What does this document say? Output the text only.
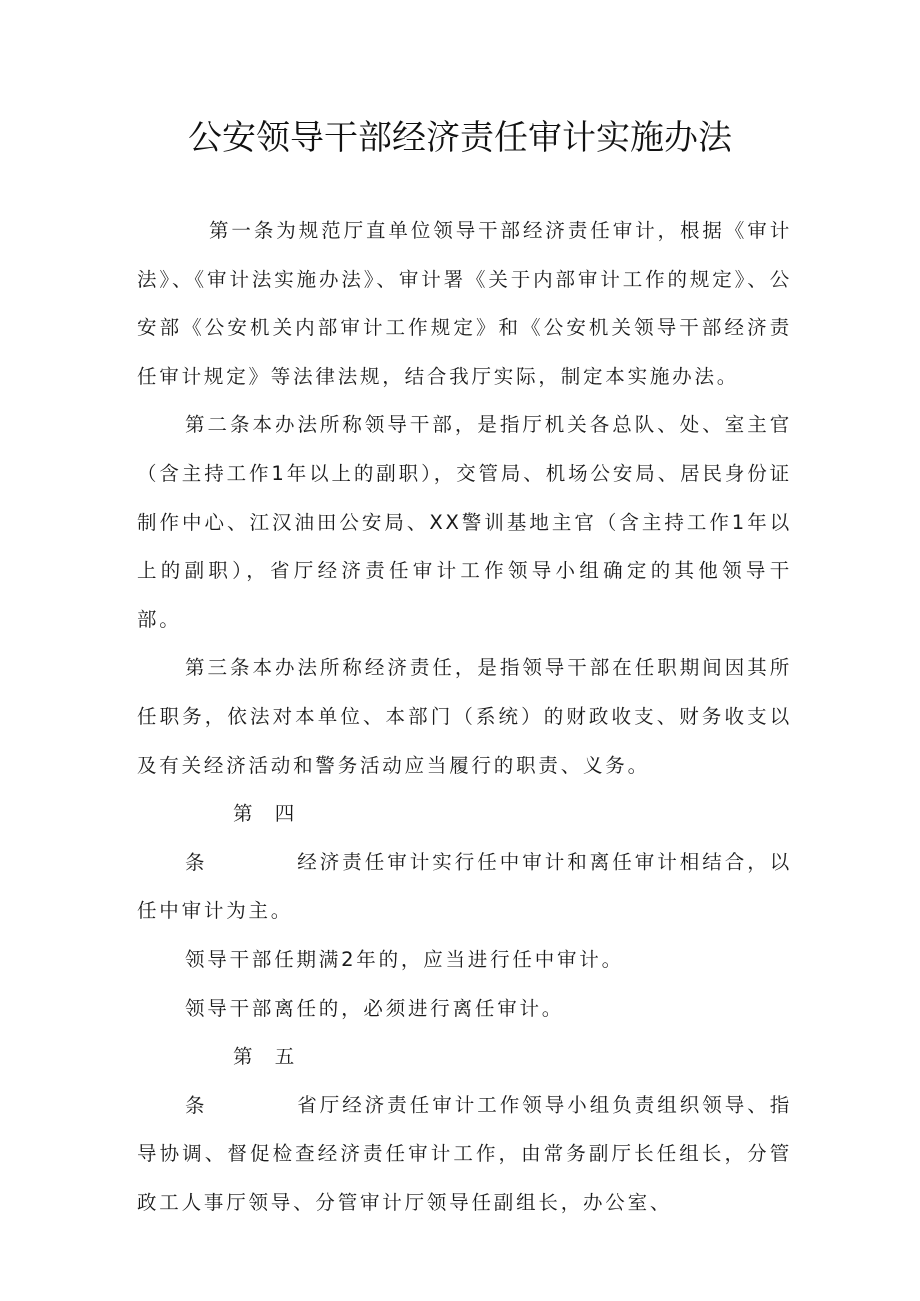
公安领导干部经济责任审计实施办法

第一条为规范厅直单位领导干部经济责任审计，根据《审计法》、《审计法实施办法》、审计署《关于内部审计工作的规定》、公安部《公安机关内部审计工作规定》和《公安机关领导干部经济责任审计规定》等法律法规，结合我厅实际，制定本实施办法。

第二条本办法所称领导干部，是指厅机关各总队、处、室主官（含主持工作1年以上的副职），交管局、机场公安局、居民身份证制作中心、江汉油田公安局、XX警训基地主官（含主持工作1年以上的副职），省厅经济责任审计工作领导小组确定的其他领导干部。

第三条本办法所称经济责任，是指领导干部在任职期间因其所任职务，依法对本单位、本部门（系统）的财政收支、财务收支以及有关经济活动和警务活动应当履行的职责、义务。

第四条	经济责任审计实行任中审计和离任审计相结合，以任中审计为主。

领导干部任期满2年的，应当进行任中审计。

领导干部离任的，必须进行离任审计。

第五条	省厅经济责任审计工作领导小组负责组织领导、指导协调、督促检查经济责任审计工作，由常务副厅长任组长，分管政工人事厅领导、分管审计厅领导任副组长，办公室、
